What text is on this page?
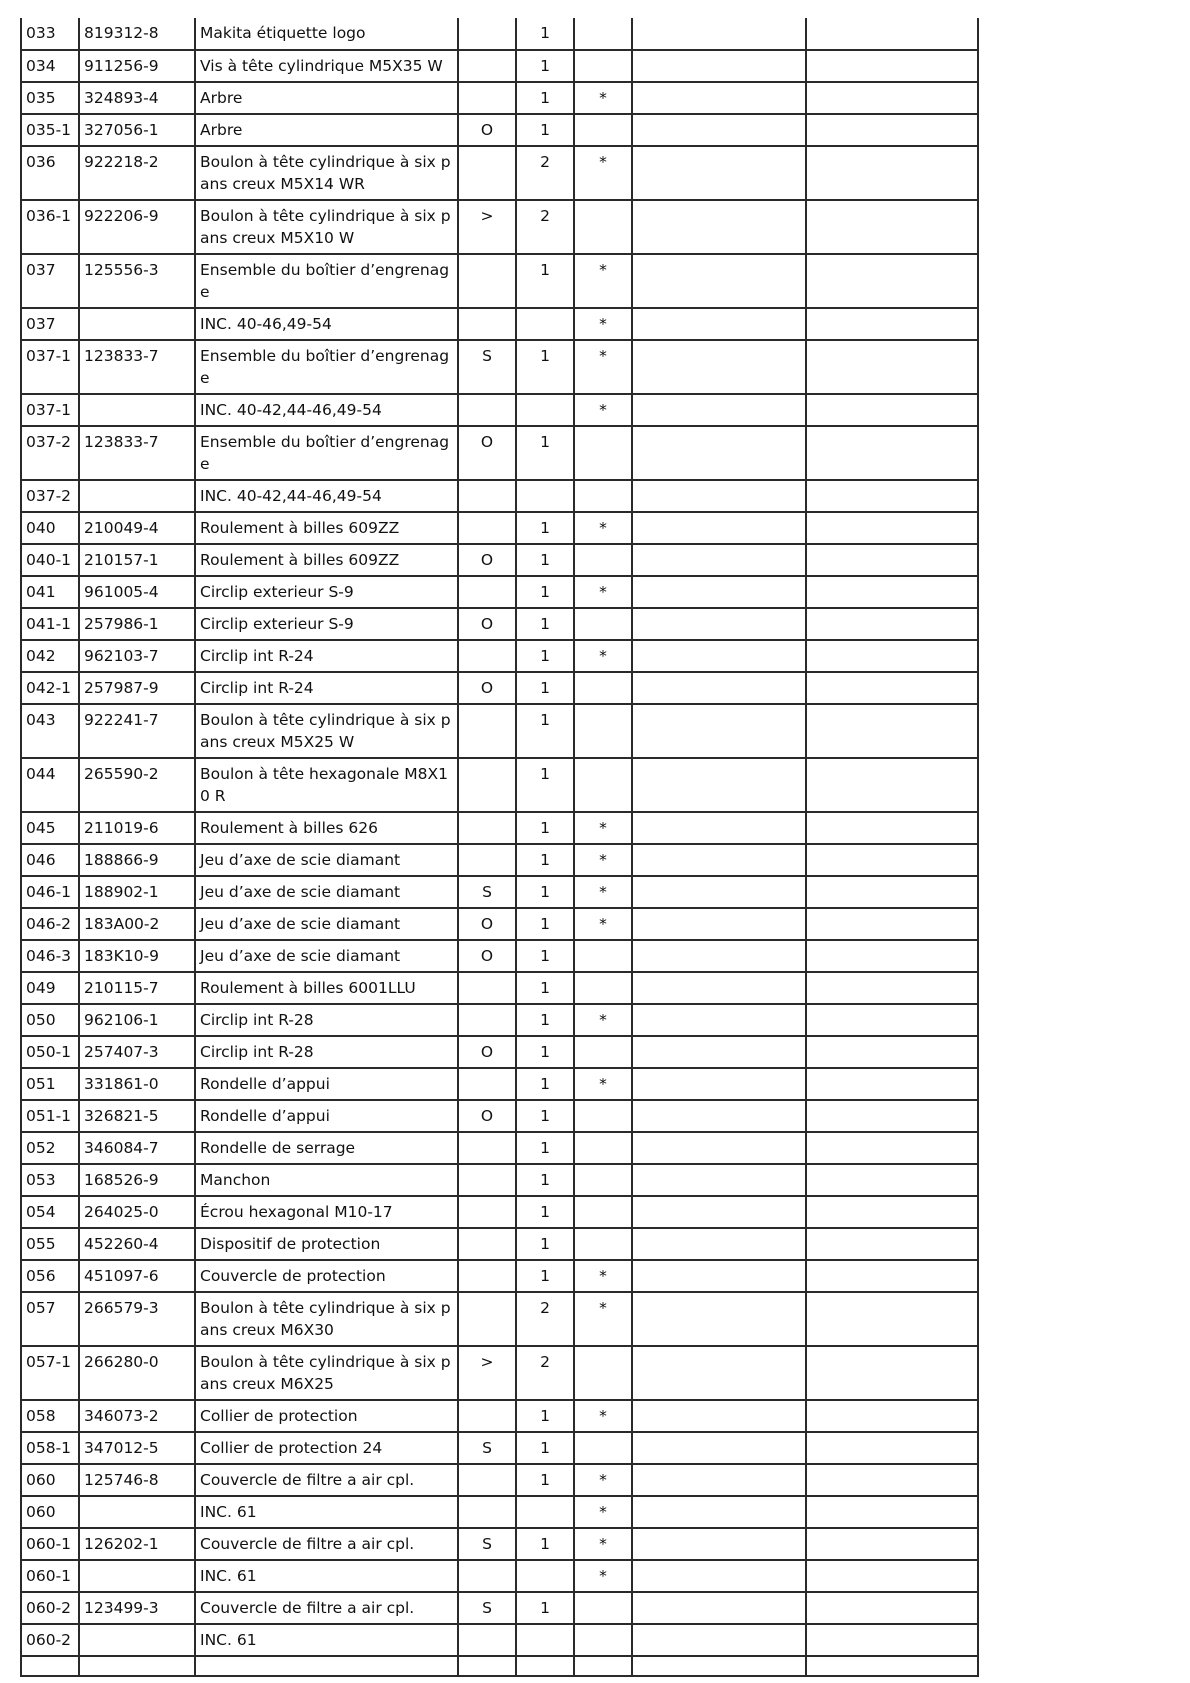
033	819312-8	Makita étiquette logo		1			
034	911256-9	Vis à tête cylindrique M5X35 W		1			
035	324893-4	Arbre		1	*		
035-1	327056-1	Arbre	O	1			
036	922218-2	Boulon à tête cylindrique à six pans creux M5X14 WR		2	*		
036-1	922206-9	Boulon à tête cylindrique à six pans creux M5X10 W	>	2			
037	125556-3	Ensemble du boîtier d’engrenage		1	*		
037		INC. 40-46,49-54			*		
037-1	123833-7	Ensemble du boîtier d’engrenage	S	1	*		
037-1		INC. 40-42,44-46,49-54			*		
037-2	123833-7	Ensemble du boîtier d’engrenage	O	1			
037-2		INC. 40-42,44-46,49-54					
040	210049-4	Roulement à billes 609ZZ		1	*		
040-1	210157-1	Roulement à billes 609ZZ	O	1			
041	961005-4	Circlip exterieur S-9		1	*		
041-1	257986-1	Circlip exterieur S-9	O	1			
042	962103-7	Circlip int R-24		1	*		
042-1	257987-9	Circlip int R-24	O	1			
043	922241-7	Boulon à tête cylindrique à six pans creux M5X25 W		1			
044	265590-2	Boulon à tête hexagonale M8X10 R		1			
045	211019-6	Roulement à billes 626		1	*		
046	188866-9	Jeu d’axe de scie diamant		1	*		
046-1	188902-1	Jeu d’axe de scie diamant	S	1	*		
046-2	183A00-2	Jeu d’axe de scie diamant	O	1	*		
046-3	183K10-9	Jeu d’axe de scie diamant	O	1			
049	210115-7	Roulement à billes 6001LLU		1			
050	962106-1	Circlip int R-28		1	*		
050-1	257407-3	Circlip int R-28	O	1			
051	331861-0	Rondelle d’appui		1	*		
051-1	326821-5	Rondelle d’appui	O	1			
052	346084-7	Rondelle de serrage		1			
053	168526-9	Manchon		1			
054	264025-0	Écrou hexagonal M10-17		1			
055	452260-4	Dispositif de protection		1			
056	451097-6	Couvercle de protection		1	*		
057	266579-3	Boulon à tête cylindrique à six pans creux M6X30		2	*		
057-1	266280-0	Boulon à tête cylindrique à six pans creux M6X25	>	2			
058	346073-2	Collier de protection		1	*		
058-1	347012-5	Collier de protection 24	S	1			
060	125746-8	Couvercle de filtre a air cpl.		1	*		
060		INC. 61			*		
060-1	126202-1	Couvercle de filtre a air cpl.	S	1	*		
060-1		INC. 61			*		
060-2	123499-3	Couvercle de filtre a air cpl.	S	1			
060-2		INC. 61					
